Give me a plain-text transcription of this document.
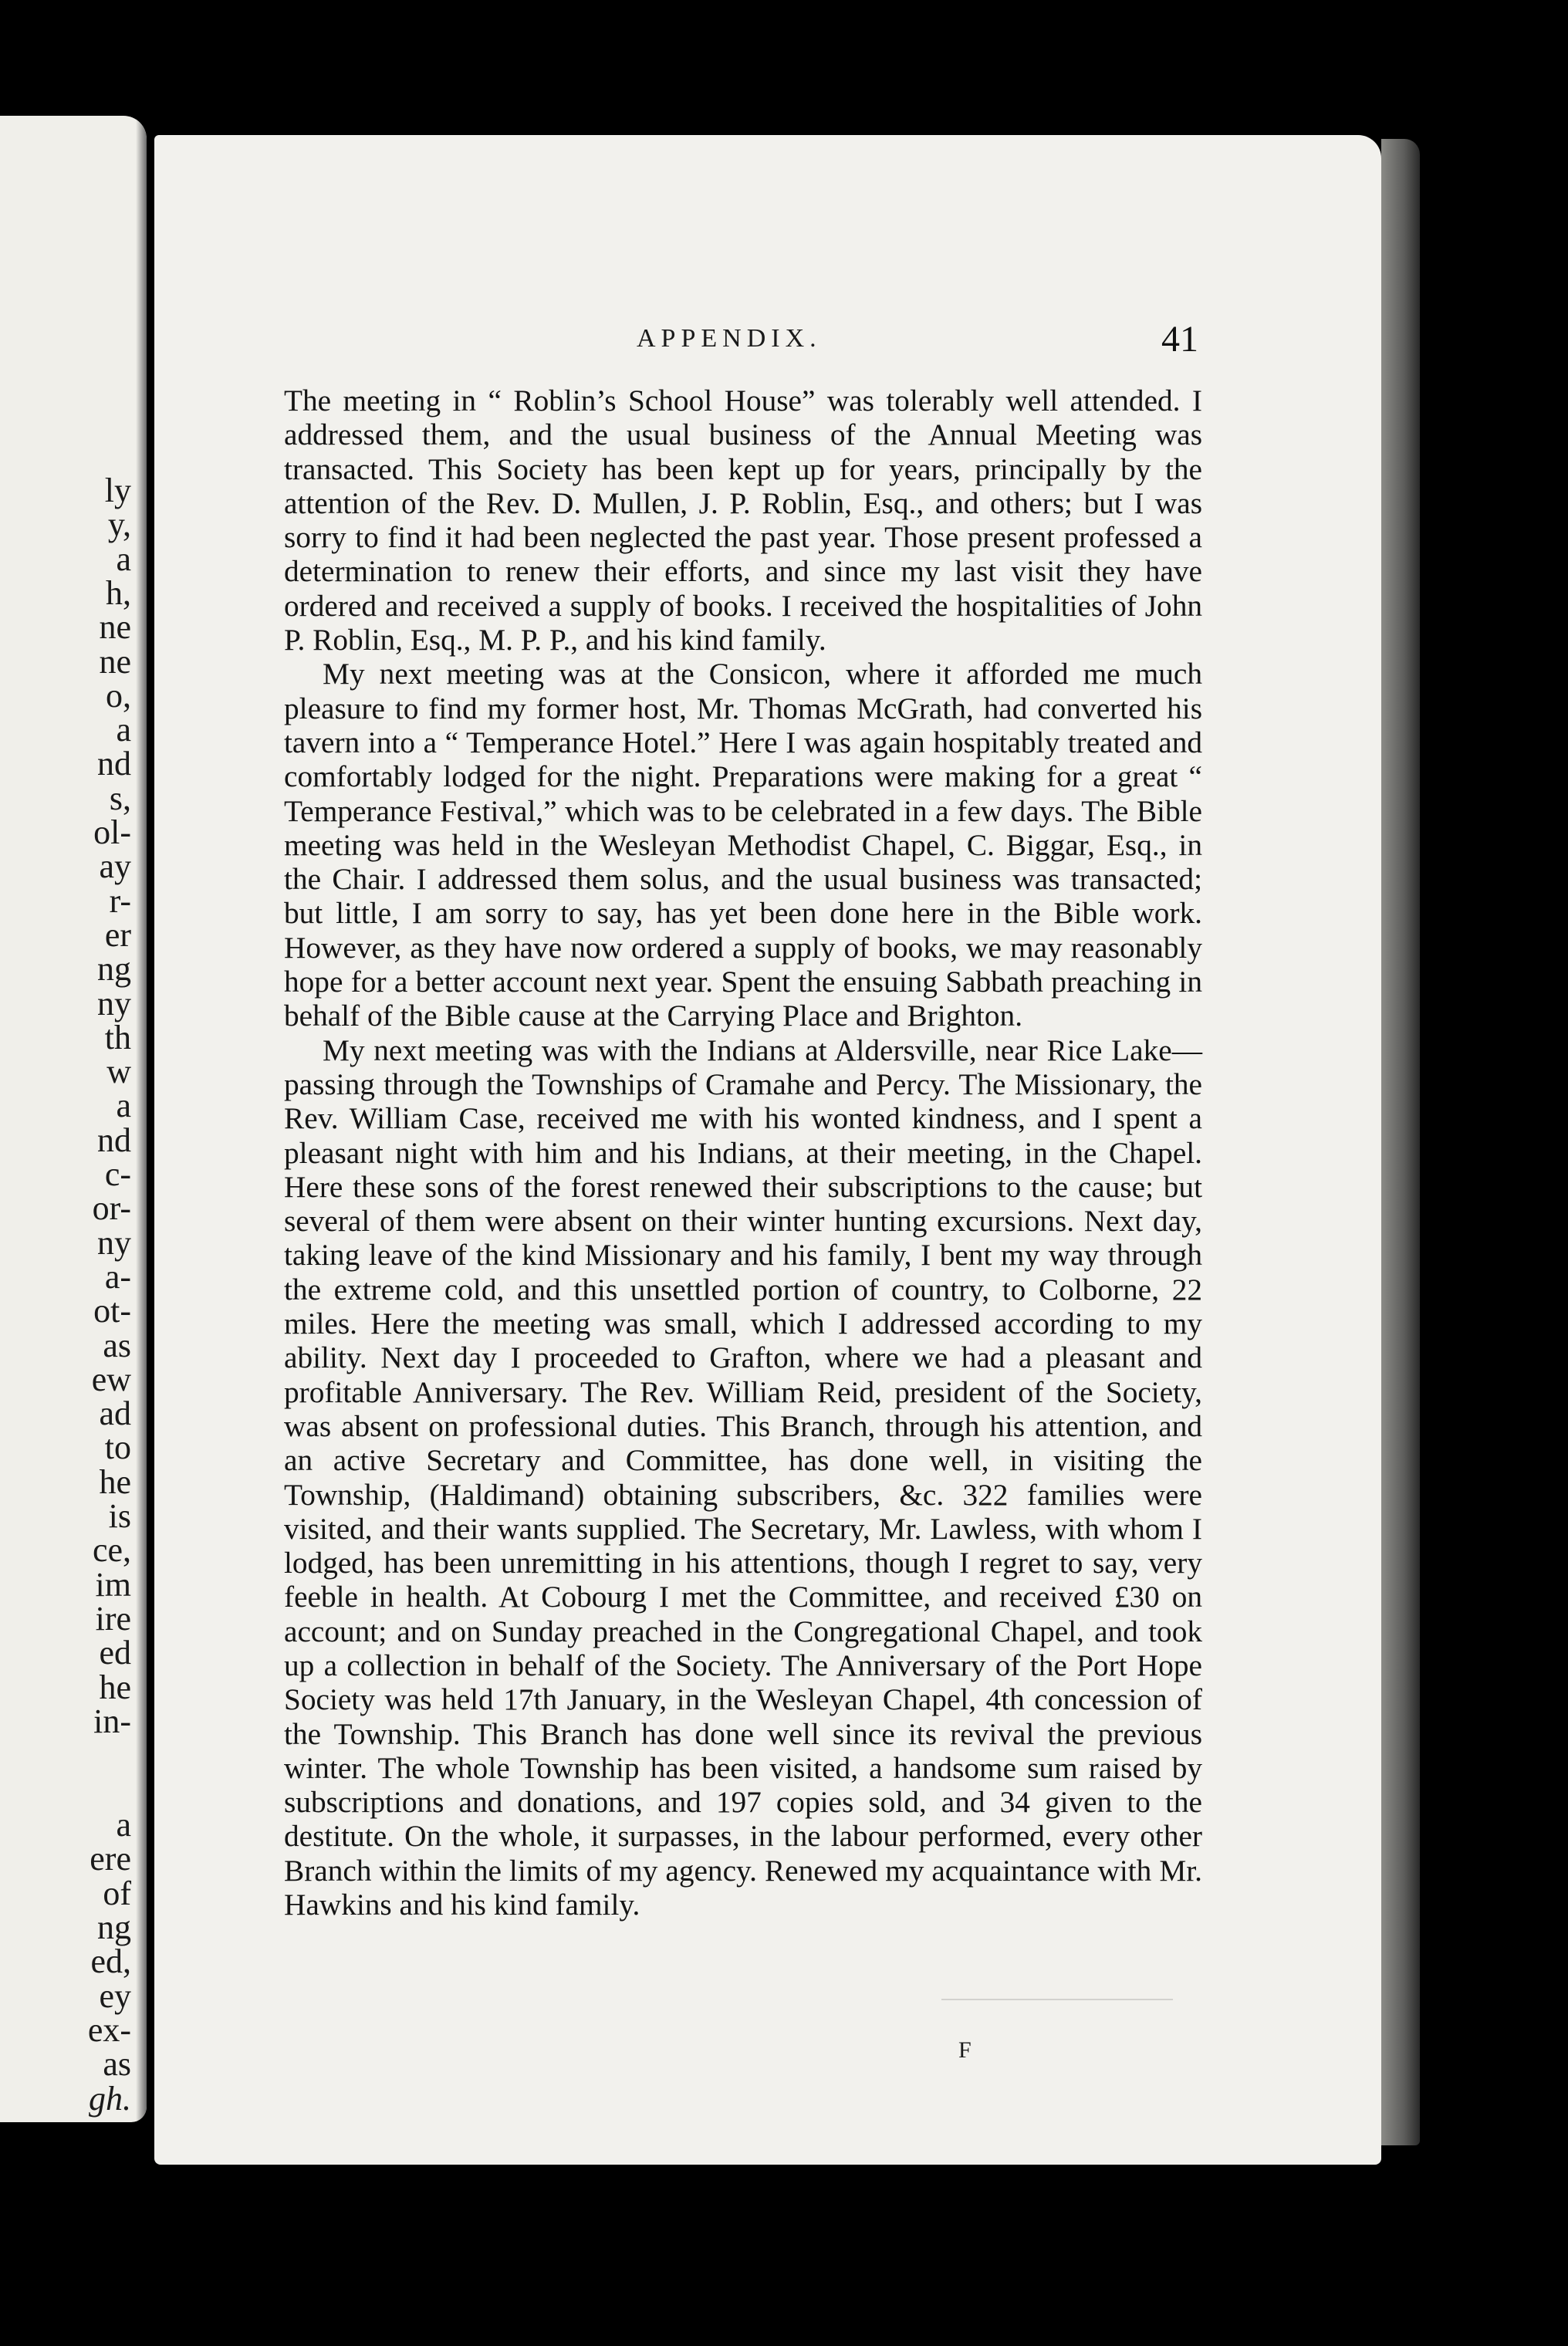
ly
y,
a
h,
ne
ne
o,
a
nd
s,
ol-
ay
r-
er
ng
ny
th
w
a
nd
c-
or-
ny
a-
ot-
as
ew
ad
to
he
is
ce,
im
ire
ed
he
in-
a
ere
of
ng
ed,
ey
ex-
as
gh.
APPENDIX.	41

The meeting in “ Roblin’s School House” was tolerably well attended. I addressed them, and the usual business of the Annual Meeting was transacted. This Society has been kept up for years, principally by the attention of the Rev. D. Mullen, J. P. Roblin, Esq., and others; but I was sorry to find it had been neglected the past year. Those present professed a determination to renew their efforts, and since my last visit they have ordered and received a supply of books. I received the hospitalities of John P. Roblin, Esq., M. P. P., and his kind family.

My next meeting was at the Consicon, where it afforded me much pleasure to find my former host, Mr. Thomas McGrath, had converted his tavern into a “ Temperance Hotel.” Here I was again hospitably treated and comfortably lodged for the night. Preparations were making for a great “ Temperance Festival,” which was to be celebrated in a few days. The Bible meeting was held in the Wesleyan Methodist Chapel, C. Biggar, Esq., in the Chair. I addressed them solus, and the usual business was transacted; but little, I am sorry to say, has yet been done here in the Bible work. However, as they have now ordered a supply of books, we may reasonably hope for a better account next year. Spent the ensuing Sabbath preaching in behalf of the Bible cause at the Carrying Place and Brighton.

My next meeting was with the Indians at Aldersville, near Rice Lake—passing through the Townships of Cramahe and Percy. The Missionary, the Rev. William Case, received me with his wonted kindness, and I spent a pleasant night with him and his Indians, at their meeting, in the Chapel. Here these sons of the forest renewed their subscriptions to the cause; but several of them were absent on their winter hunting excursions. Next day, taking leave of the kind Missionary and his family, I bent my way through the extreme cold, and this unsettled portion of country, to Colborne, 22 miles. Here the meeting was small, which I addressed according to my ability. Next day I proceeded to Grafton, where we had a pleasant and profitable Anniversary. The Rev. William Reid, president of the Society, was absent on professional duties. This Branch, through his attention, and an active Secretary and Committee, has done well, in visiting the Township, (Haldimand) obtaining subscribers, &c. 322 families were visited, and their wants supplied. The Secretary, Mr. Lawless, with whom I lodged, has been unremitting in his attentions, though I regret to say, very feeble in health. At Cobourg I met the Committee, and received £30 on account; and on Sunday preached in the Congregational Chapel, and took up a collection in behalf of the Society. The Anniversary of the Port Hope Society was held 17th January, in the Wesleyan Chapel, 4th concession of the Township. This Branch has done well since its revival the previous winter. The whole Township has been visited, a handsome sum raised by subscriptions and donations, and 197 copies sold, and 34 given to the destitute. On the whole, it surpasses, in the labour performed, every other Branch within the limits of my agency. Renewed my acquaintance with Mr. Hawkins and his kind family.

F
